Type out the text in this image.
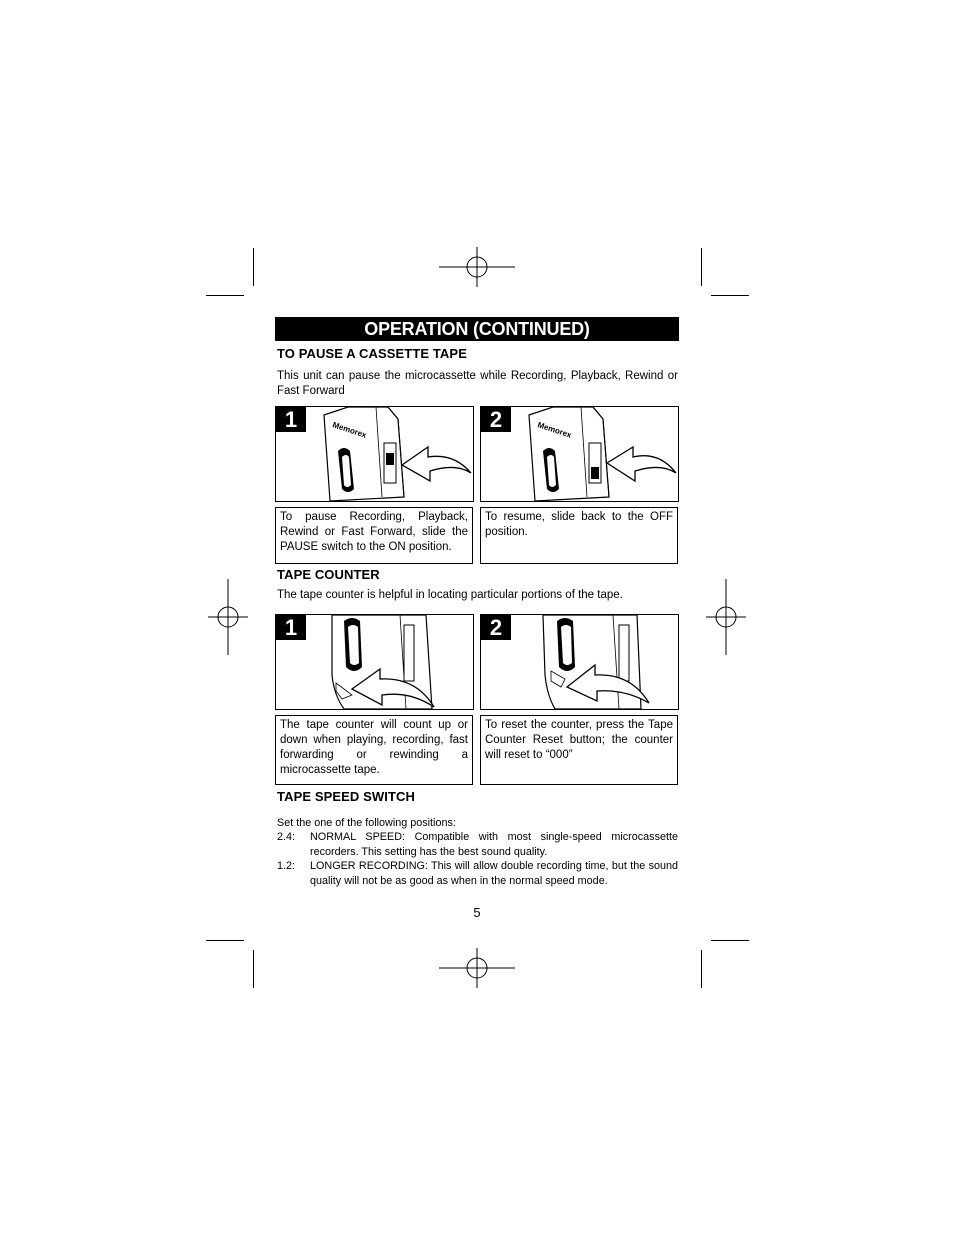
OPERATION (CONTINUED)
TO PAUSE A CASSETTE TAPE
This unit can pause the microcassette while Recording, Playback, Rewind or Fast Forward
Memorex
1	Memorex
2
To pause Recording, Playback, Rewind or Fast Forward, slide the PAUSE switch to the ON position.
To resume, slide back to the OFF position.
TAPE COUNTER
The tape counter is helpful in locating particular portions of the tape.
1	2
The tape counter will count up or down when playing, recording, fast forwarding or rewinding a microcassette tape.
To reset the counter, press the Tape Counter Reset button; the counter will reset to “000”
TAPE SPEED SWITCH
Set the one of the following positions:
2.4: NORMAL SPEED: Compatible with most single-speed microcassette recorders. This setting has the best sound quality.
1.2: LONGER RECORDING: This will allow double recording time, but the sound quality will not be as good as when in the normal speed mode.
5
